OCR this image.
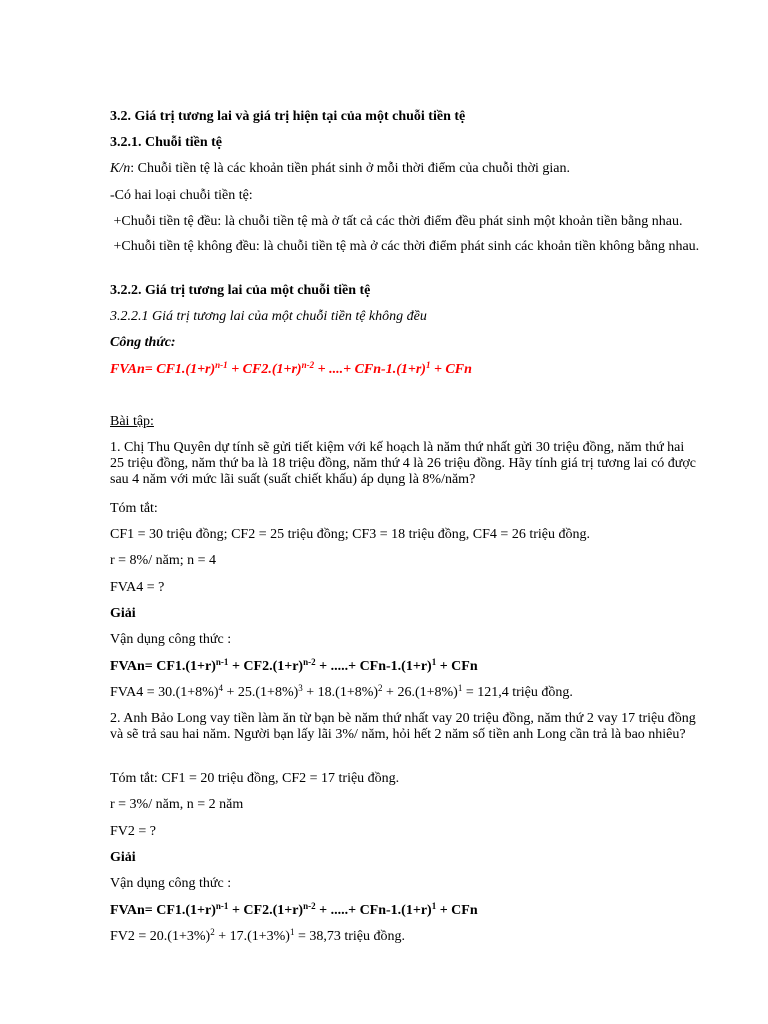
3.2. Giá trị tương lai và giá trị hiện tại của một chuỗi tiền tệ
3.2.1. Chuỗi tiền tệ
K/n: Chuỗi tiền tệ là các khoản tiền phát sinh ở mỗi thời điểm của chuỗi thời gian.
-Có hai loại chuỗi tiền tệ:
+Chuỗi tiền tệ đều: là chuỗi tiền tệ mà ở tất cả các thời điểm đều phát sinh một khoản tiền bằng nhau.
+Chuỗi tiền tệ không đều: là chuỗi tiền tệ mà ở các thời điểm phát sinh các khoản tiền không bằng nhau.
3.2.2. Giá trị tương lai của một chuỗi tiền tệ
3.2.2.1 Giá trị tương lai của một chuỗi tiền tệ không đều
Công thức:
FVAn= $CF1.(1+r)^{n-1} + CF2.(1+r)^{n-2}$ + ....+ CFn-$1.(1+r)^1$ + CFn
Bài tập:
1. Chị Thu Quyên dự tính sẽ gửi tiết kiệm với kế hoạch là năm thứ nhất gửi 30 triệu đồng, năm thứ hai 25 triệu đồng, năm thứ ba là 18 triệu đồng, năm thứ 4 là 26 triệu đồng. Hãy tính giá trị tương lai có được sau 4 năm với mức lãi suất (suất chiết khấu) áp dụng là 8%/năm?
Tóm tắt:
CF1 = 30 triệu đồng; CF2 = 25 triệu đồng; CF3 = 18 triệu đồng, CF4 = 26 triệu đồng.
r = 8%/ năm; n = 4
FVA4 = ?
Giải
Vận dụng công thức :
FVAn= $CF1.(1+r)^{n-1} + CF2.(1+r)^{n-2}$ + .....+ CFn-$1.(1+r)^1$ + CFn
$FVA4 = 30.(1+8\%)^4 + 25.(1+8\%)^3 + 18.(1+8\%)^2 + 26.(1+8\%)^1 = 121,4$ triệu đồng.
2. Anh Bảo Long vay tiền làm ăn từ bạn bè năm thứ nhất vay 20 triệu đồng, năm thứ 2 vay 17 triệu đồng và sẽ trả sau hai năm. Người bạn lấy lãi 3%/ năm, hỏi hết 2 năm số tiền anh Long cần trả là bao nhiêu?
Tóm tắt: CF1 = 20 triệu đồng, CF2 = 17 triệu đồng.
r = 3%/ năm, n = 2 năm
FV2 = ?
Giải
Vận dụng công thức :
FVAn= $CF1.(1+r)^{n-1} + CF2.(1+r)^{n-2}$ + .....+ CFn-$1.(1+r)^1$ + CFn
$FV2 = 20.(1+3\%)^2 + 17.(1+3\%)^1 = 38,73$ triệu đồng.
